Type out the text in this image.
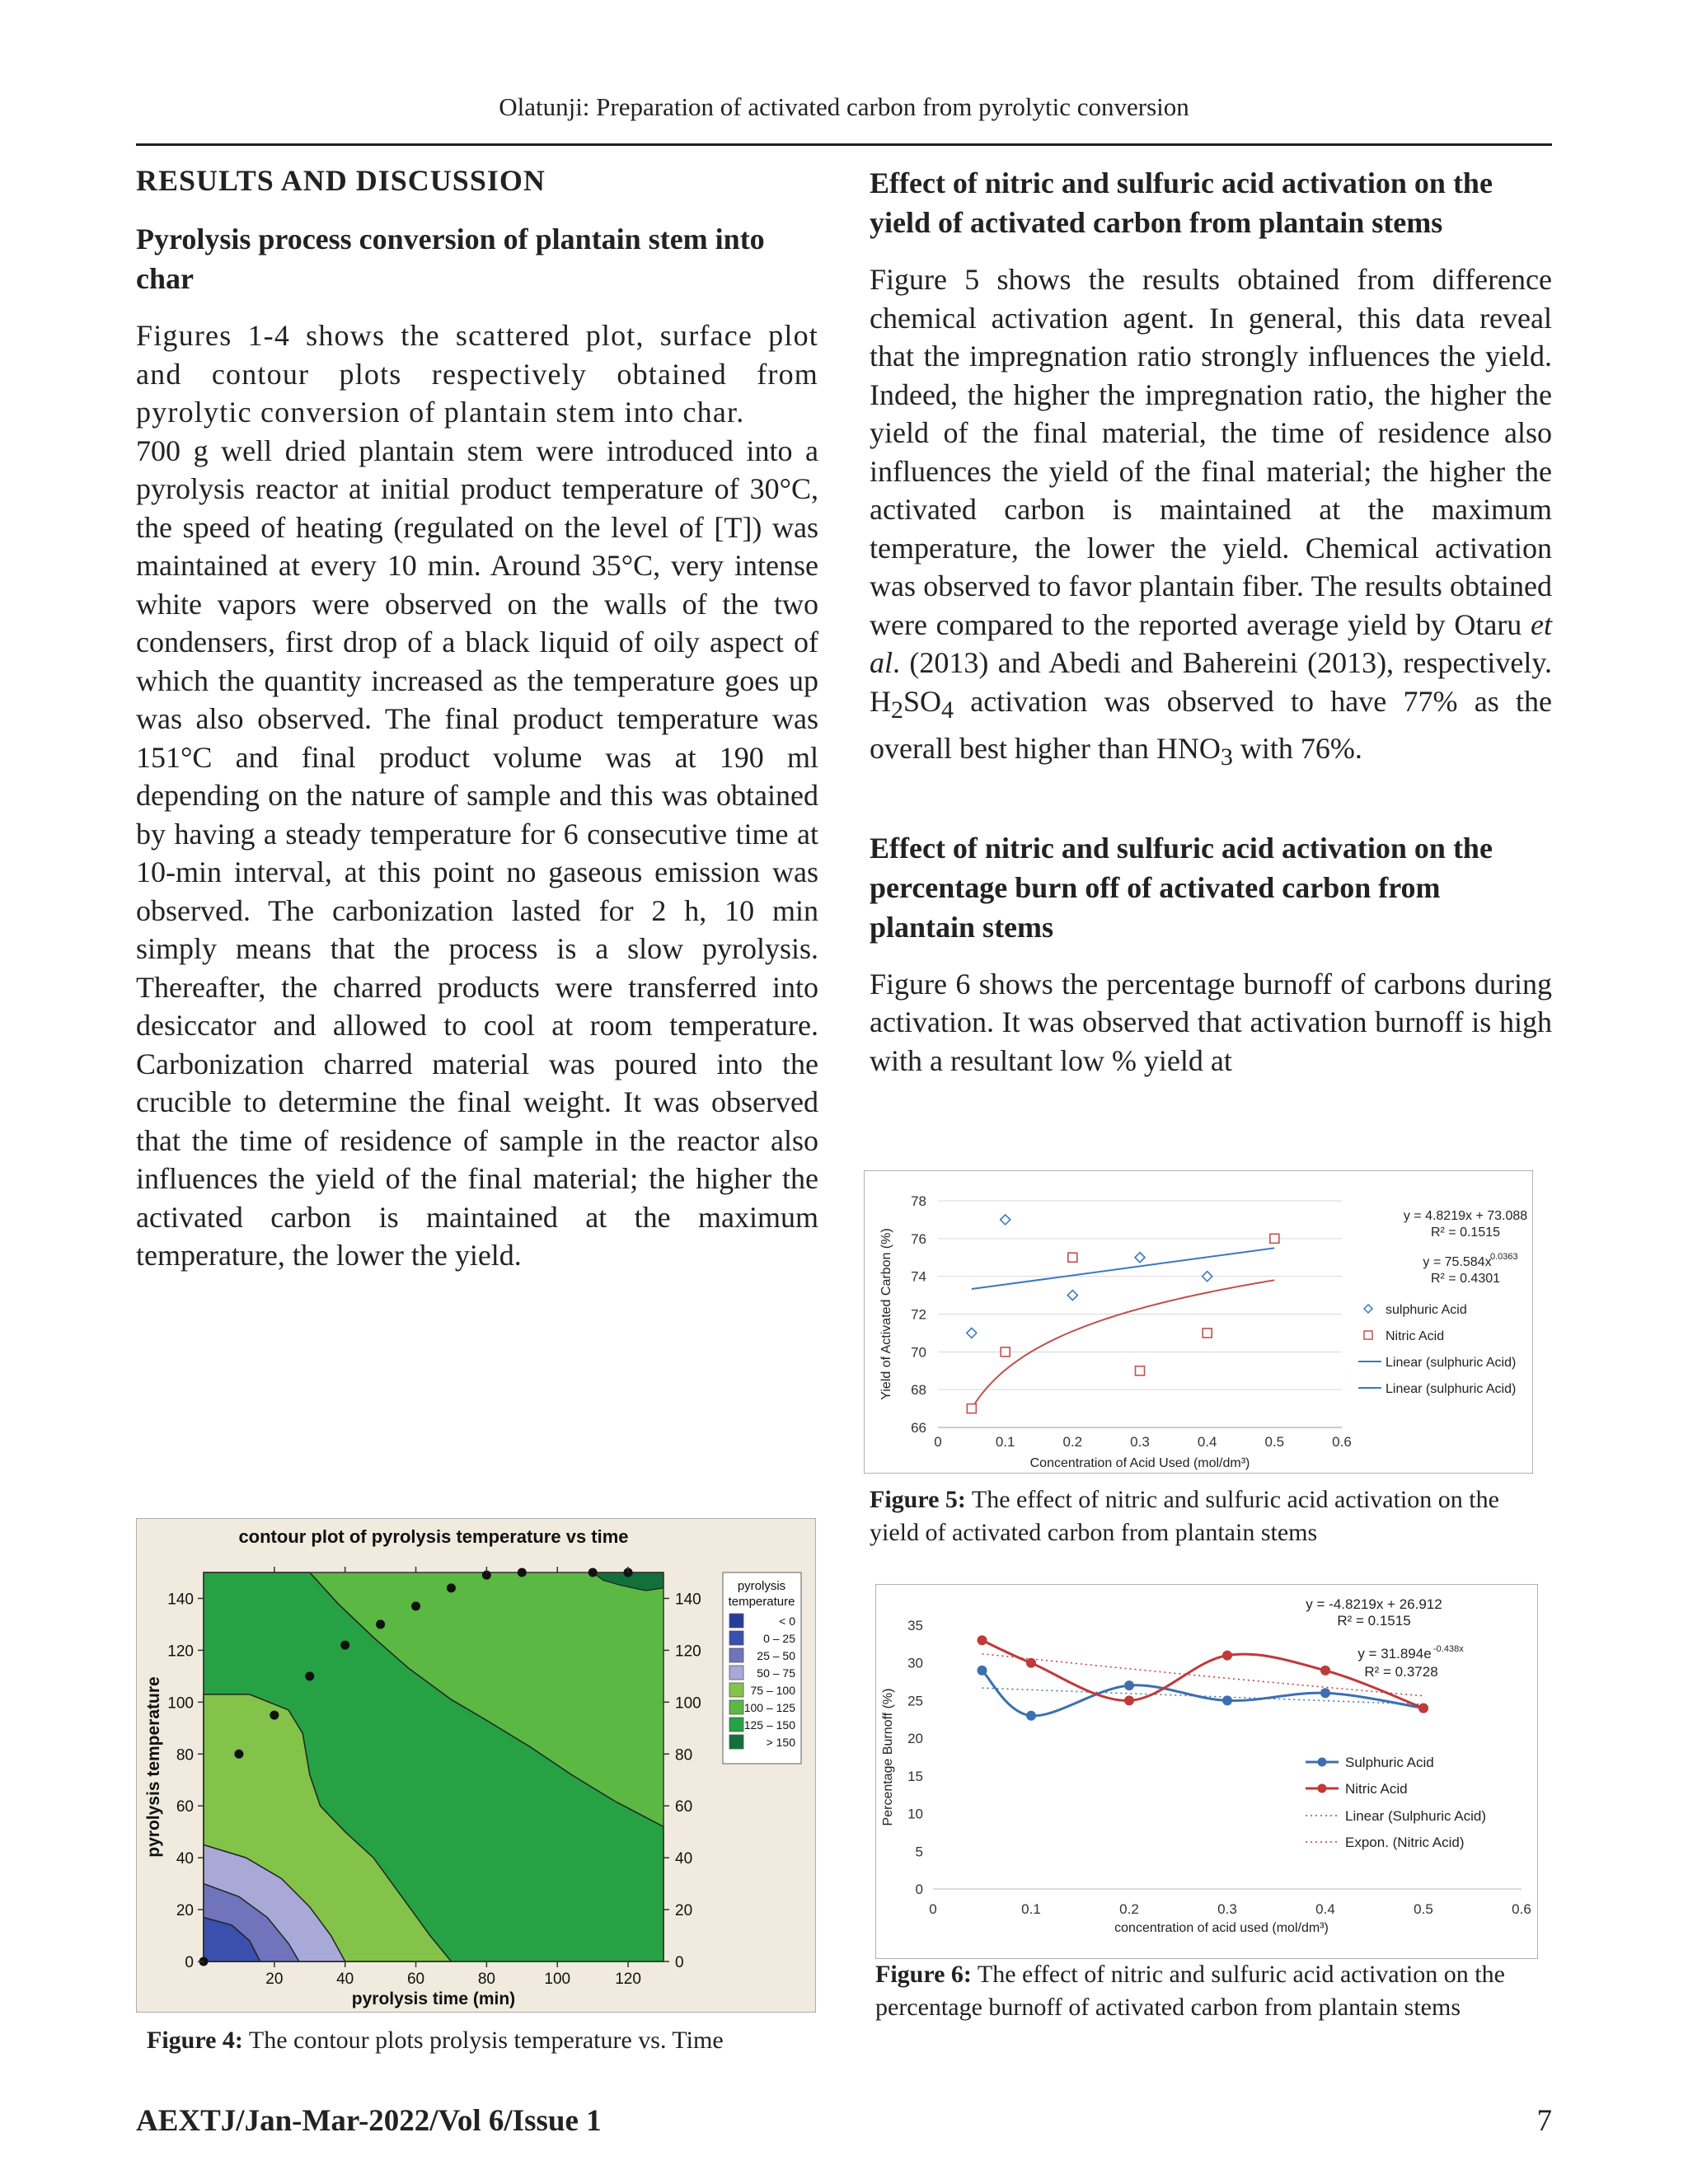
Olatunji: Preparation of activated carbon from pyrolytic conversion
RESULTS AND DISCUSSION
Pyrolysis process conversion of plantain stem into char

Figures 1-4 shows the scattered plot, surface plot and contour plots respectively obtained from pyrolytic conversion of plantain stem into char.

700 g well dried plantain stem were introduced into a pyrolysis reactor at initial product temperature of 30°C, the speed of heating (regulated on the level of [T]) was maintained at every 10 min. Around 35°C, very intense white vapors were observed on the walls of the two condensers, first drop of a black liquid of oily aspect of which the quantity increased as the temperature goes up was also observed. The final product temperature was 151°C and final product volume was at 190 ml depending on the nature of sample and this was obtained by having a steady temperature for 6 consecutive time at 10-min interval, at this point no gaseous emission was observed. The carbonization lasted for 2 h, 10 min simply means that the process is a slow pyrolysis. Thereafter, the charred products were transferred into desiccator and allowed to cool at room temperature. Carbonization charred material was poured into the crucible to determine the final weight. It was observed that the time of residence of sample in the reactor also influences the yield of the final material; the higher the activated carbon is maintained at the maximum temperature, the lower the yield.

Effect of nitric and sulfuric acid activation on the yield of activated carbon from plantain stems

Figure 5 shows the results obtained from difference chemical activation agent. In general, this data reveal that the impregnation ratio strongly influences the yield. Indeed, the higher the impregnation ratio, the higher the yield of the final material, the time of residence also influences the yield of the final material; the higher the activated carbon is maintained at the maximum temperature, the lower the yield. Chemical activation was observed to favor plantain fiber. The results obtained were compared to the reported average yield by Otaru et al. (2013) and Abedi and Bahereini (2013), respectively. $H_2SO_4$ activation was observed to have 77% as the overall best higher than $HNO_3$ with 76%.

Effect of nitric and sulfuric acid activation on the percentage burn off of activated carbon from plantain stems

Figure 6 shows the percentage burnoff of carbons during activation. It was observed that activation burnoff is high with a resultant low % yield at

contour plot of pyrolysis temperature vs time
0	0
20	20
40	40
60	60
80	80
100	100
120	120
140	140
20	40	60	80	100	120
pyrolysis time (min)
pyrolysis temperature
pyrolysis
temperature
< 0
0 – 25
25 – 50
50 – 75
75 – 100
100 – 125
125 – 150
> 150
Figure 4: The contour plots prolysis temperature vs. Time
66
68
70
72
74
76
78
0	0.1	0.2	0.3	0.4	0.5	0.6
Concentration of Acid Used (mol/dm³)
Yield of Activated Carbon (%)
y = 4.8219x + 73.088
R² = 0.1515
y = 75.584x
0.0363
R² = 0.4301
sulphuric Acid
Nitric Acid
Linear (sulphuric Acid)
Linear (sulphuric Acid)
Figure 5: The effect of nitric and sulfuric acid activation on the yield of activated carbon from plantain stems
0
5
10
15
20
25
30
35
0	0.1	0.2	0.3	0.4	0.5	0.6
concentration of acid used (mol/dm³)
Percentage Burnoff (%)
y = -4.8219x + 26.912
R² = 0.1515
y = 31.894e -0.438x
R² = 0.3728
Sulphuric Acid
Nitric Acid
Linear (Sulphuric Acid)
Expon. (Nitric Acid)
Figure 6: The effect of nitric and sulfuric acid activation on the percentage burnoff of activated carbon from plantain stems
AEXTJ/Jan-Mar-2022/Vol 6/Issue 1	7
